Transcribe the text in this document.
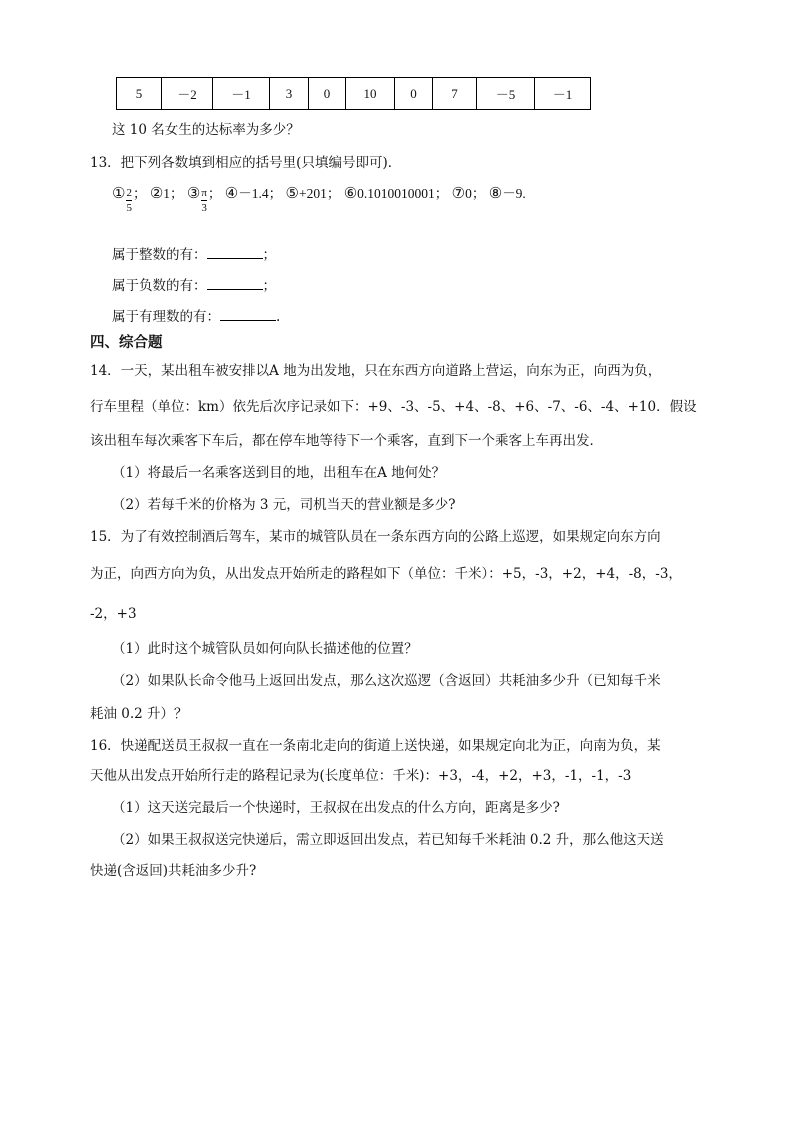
5	－2	－1	3	0	10	0	7	－5	－1
这 10 名女生的达标率为多少？
13．把下列各数填到相应的括号里(只填编号即可)．
① $\frac{2}{5}$ ； ②1； ③ $\frac{\pi}{3}$ ； ④－1.4； ⑤+201； ⑥0.1010010001； ⑦0； ⑧－9.
属于整数的有：	；
属于负数的有：	；
属于有理数的有：	.
四、综合题
14．一天，某出租车被安排以A 地为出发地，只在东西方向道路上营运，向东为正，向西为负，
行车里程（单位：km）依先后次序记录如下：+9、-3、-5、+4、-8、+6、-7、-6、-4、+10．假设
该出租车每次乘客下车后，都在停车地等待下一个乘客，直到下一个乘客上车再出发．
（1）将最后一名乘客送到目的地，出租车在A 地何处？
（2）若每千米的价格为 3 元，司机当天的营业额是多少?
15．为了有效控制酒后驾车，某市的城管队员在一条东西方向的公路上巡逻，如果规定向东方向
为正，向西方向为负，从出发点开始所走的路程如下（单位：千米）：+5，-3，+2，+4，-8，-3，
-2，+3
（1）此时这个城管队员如何向队长描述他的位置？
（2）如果队长命令他马上返回出发点，那么这次巡逻（含返回）共耗油多少升（已知每千米
耗油 0.2 升）？
16．快递配送员王叔叔一直在一条南北走向的街道上送快递，如果规定向北为正，向南为负，某
天他从出发点开始所行走的路程记录为(长度单位：千米)：+3，-4，+2，+3，-1，-1，-3
（1）这天送完最后一个快递时，王叔叔在出发点的什么方向，距离是多少?
（2）如果王叔叔送完快递后，需立即返回出发点，若已知每千米耗油 0.2 升，那么他这天送
快递(含返回)共耗油多少升?
